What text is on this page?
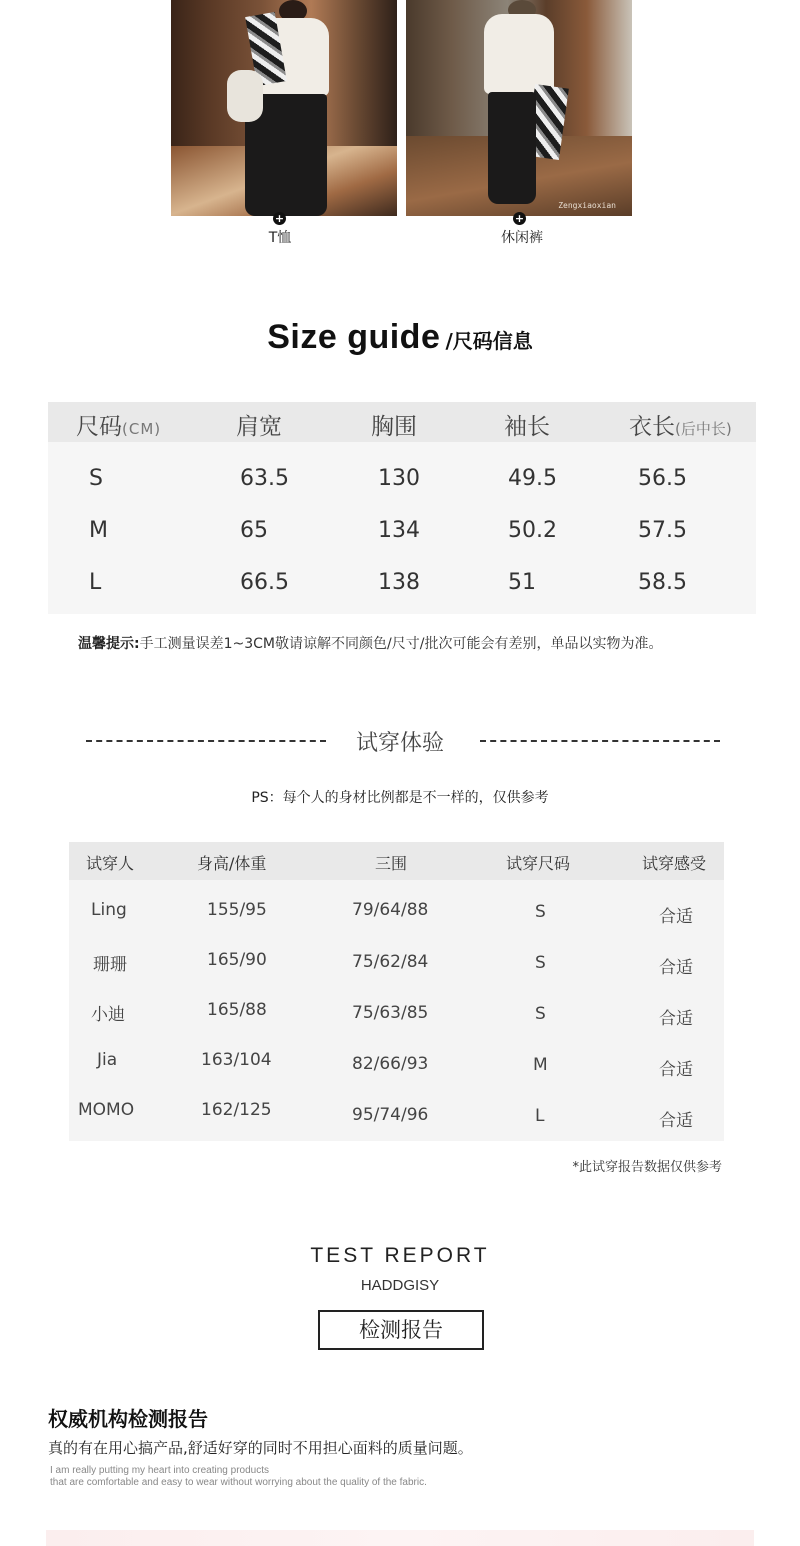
Zengxiaoxian
+
T恤
+
休闲裤
Size guide /尺码信息
尺码(CM)	肩宽	胸围	袖长	衣长(后中长)
S	63.5	130	49.5	56.5
M	65	134	50.2	57.5
L	66.5	138	51	58.5
温馨提示:手工测量误差1~3CM敬请谅解不同颜色/尺寸/批次可能会有差别，单品以实物为准。
试穿体验
PS：每个人的身材比例都是不一样的，仅供参考
试穿人	身高/体重	三围	试穿尺码	试穿感受
Ling	155/95	79/64/88	S	合适
珊珊	165/90	75/62/84	S	合适
小迪	165/88	75/63/85	S	合适
Jia	163/104	82/66/93	M	合适
MOMO	162/125	95/74/96	L	合适
*此试穿报告数据仅供参考
TEST REPORT
HADDGISY
检测报告
权威机构检测报告
真的有在用心搞产品,舒适好穿的同时不用担心面料的质量问题。
I am really putting my heart into creating products
that are comfortable and easy to wear without worrying about the quality of the fabric.
